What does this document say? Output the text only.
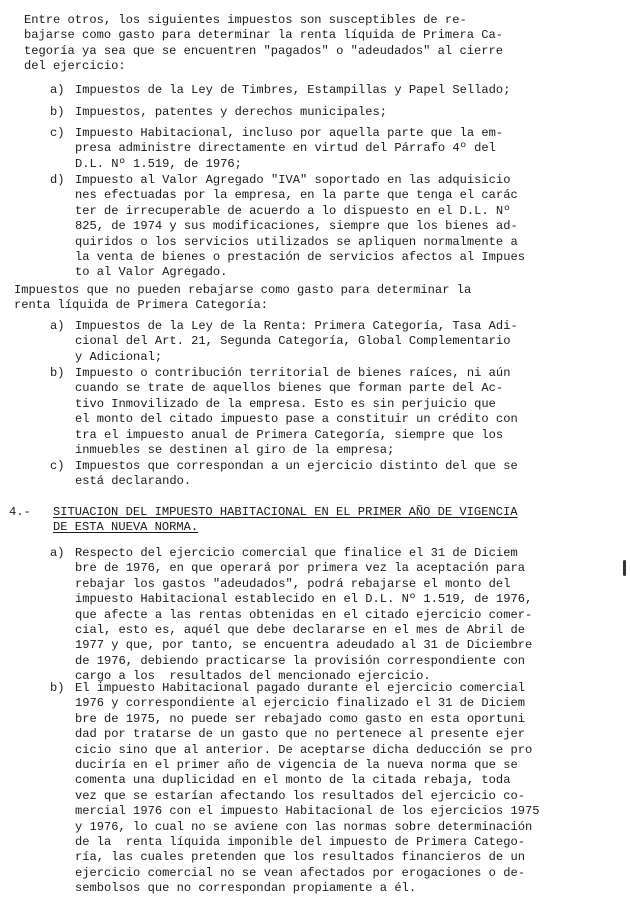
Entre otros, los siguientes impuestos son susceptibles de re-
bajarse como gasto para determinar la renta líquida de Primera Ca-
tegoría ya sea que se encuentren "pagados" o "adeudados" al cierre
del ejercicio:
a) Impuestos de la Ley de Timbres, Estampillas y Papel Sellado;
b) Impuestos, patentes y derechos municipales;
c) Impuesto Habitacional, incluso por aquella parte que la em-
presa administre directamente en virtud del Párrafo 4º del
D.L. Nº 1.519, de 1976;
d) Impuesto al Valor Agregado "IVA" soportado en las adquisicio
nes efectuadas por la empresa, en la parte que tenga el carác
ter de irrecuperable de acuerdo a lo dispuesto en el D.L. Nº
825, de 1974 y sus modificaciones, siempre que los bienes ad-
quiridos o los servicios utilizados se apliquen normalmente a
la venta de bienes o prestación de servicios afectos al Impues
to al Valor Agregado.
Impuestos que no pueden rebajarse como gasto para determinar la
renta líquida de Primera Categoría:
a) Impuestos de la Ley de la Renta: Primera Categoría, Tasa Adi-
cional del Art. 21, Segunda Categoría, Global Complementario
y Adicional;
b) Impuesto o contribución territorial de bienes raíces, ni aún
cuando se trate de aquellos bienes que forman parte del Ac-
tivo Inmovilizado de la empresa. Esto es sin perjuicio que
el monto del citado impuesto pase a constituir un crédito con
tra el impuesto anual de Primera Categoría, siempre que los
inmuebles se destinen al giro de la empresa;
c) Impuestos que correspondan a un ejercicio distinto del que se
está declarando.
4.- SITUACION DEL IMPUESTO HABITACIONAL EN EL PRIMER AÑO DE VIGENCIA
DE ESTA NUEVA NORMA.
a) Respecto del ejercicio comercial que finalice el 31 de Diciem
bre de 1976, en que operará por primera vez la aceptación para
rebajar los gastos "adeudados", podrá rebajarse el monto del
impuesto Habitacional establecido en el D.L. Nº 1.519, de 1976,
que afecte a las rentas obtenidas en el citado ejercicio comer-
cial, esto es, aquél que debe declararse en el mes de Abril de
1977 y que, por tanto, se encuentra adeudado al 31 de Diciembre
de 1976, debiendo practicarse la provisión correspondiente con
cargo a los  resultados del mencionado ejercicio.
b) El impuesto Habitacional pagado durante el ejercicio comercial
1976 y correspondiente al ejercicio finalizado el 31 de Diciem
bre de 1975, no puede ser rebajado como gasto en esta oportuni
dad por tratarse de un gasto que no pertenece al presente ejer
cicio sino que al anterior. De aceptarse dicha deducción se pro
duciría en el primer año de vigencia de la nueva norma que se
comenta una duplicidad en el monto de la citada rebaja, toda
vez que se estarían afectando los resultados del ejercicio co-
mercial 1976 con el impuesto Habitacional de los ejercicios 1975
y 1976, lo cual no se aviene con las normas sobre determinación
de la  renta líquida imponible del impuesto de Primera Catego-
ría, las cuales pretenden que los resultados financieros de un
ejercicio comercial no se vean afectados por erogaciones o de-
sembolsos que no correspondan propiamente a él.
